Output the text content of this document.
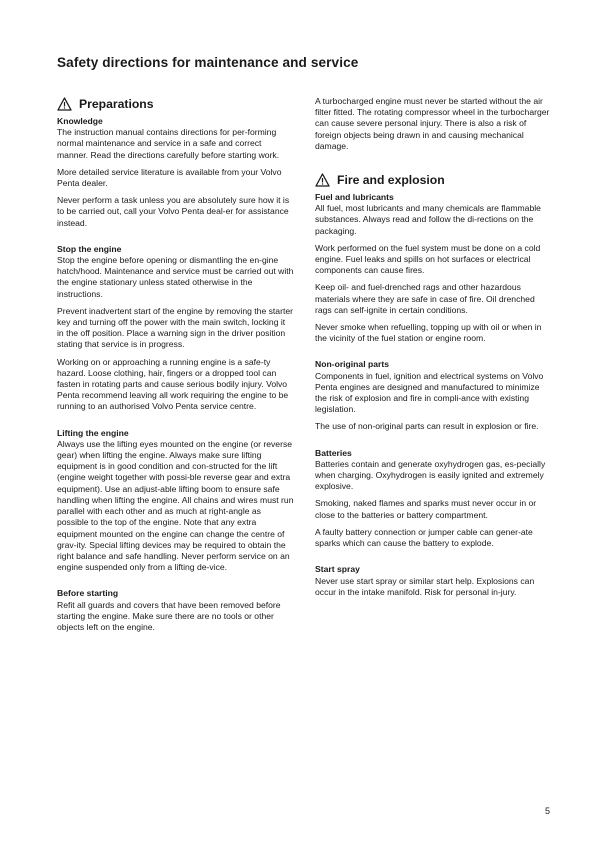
Safety directions for maintenance and service
Preparations

Knowledge

The instruction manual contains directions for per-forming normal maintenance and service in a safe and correct manner. Read the directions carefully before starting work.

More detailed service literature is available from your Volvo Penta dealer.

Never perform a task unless you are absolutely sure how it is to be carried out, call your Volvo Penta deal-er for assistance instead.

Stop the engine

Stop the engine before opening or dismantling the en-gine hatch/hood. Maintenance and service must be carried out with the engine stationary unless stated otherwise in the instructions.

Prevent inadvertent start of the engine by removing the starter key and turning off the power with the main switch, locking it in the off position. Place a warning sign in the driver position stating that service is in progress.

Working on or approaching a running engine is a safe-ty hazard. Loose clothing, hair, fingers or a dropped tool can fasten in rotating parts and cause serious bodily injury. Volvo Penta recommend leaving all work requiring the engine to be running to an authorised Volvo Penta service centre.

Lifting the engine

Always use the lifting eyes mounted on the engine (or reverse gear) when lifting the engine. Always make sure lifting equipment is in good condition and con-structed for the lift (engine weight together with possi-ble reverse gear and extra equipment). Use an adjust-able lifting boom to ensure safe handling when lifting the engine. All chains and wires must run parallel with each other and as much at right-angle as possible to the top of the engine. Note that any extra equipment mounted on the engine can change the centre of grav-ity. Special lifting devices may be required to obtain the right balance and safe handling. Never perform service on an engine suspended only from a lifting de-vice.

Before starting

Refit all guards and covers that have been removed before starting the engine. Make sure there are no tools or other objects left on the engine.

A turbocharged engine must never be started without the air filter fitted. The rotating compressor wheel in the turbocharger can cause severe personal injury. There is also a risk of foreign objects being drawn in and causing mechanical damage.

Fire and explosion

Fuel and lubricants

All fuel, most lubricants and many chemicals are flammable substances. Always read and follow the di-rections on the packaging.

Work performed on the fuel system must be done on a cold engine. Fuel leaks and spills on hot surfaces or electrical components can cause fires.

Keep oil- and fuel-drenched rags and other hazardous materials where they are safe in case of fire. Oil drenched rags can self-ignite in certain conditions.

Never smoke when refuelling, topping up with oil or when in the vicinity of the fuel station or engine room.

Non-original parts

Components in fuel, ignition and electrical systems on Volvo Penta engines are designed and manufactured to minimize the risk of explosion and fire in compli-ance with existing legislation.

The use of non-original parts can result in explosion or fire.

Batteries

Batteries contain and generate oxyhydrogen gas, es-pecially when charging. Oxyhydrogen is easily ignited and extremely explosive.

Smoking, naked flames and sparks must never occur in or close to the batteries or battery compartment.

A faulty battery connection or jumper cable can gener-ate sparks which can cause the battery to explode.

Start spray

Never use start spray or similar start help. Explosions can occur in the intake manifold. Risk for personal in-jury.

5
